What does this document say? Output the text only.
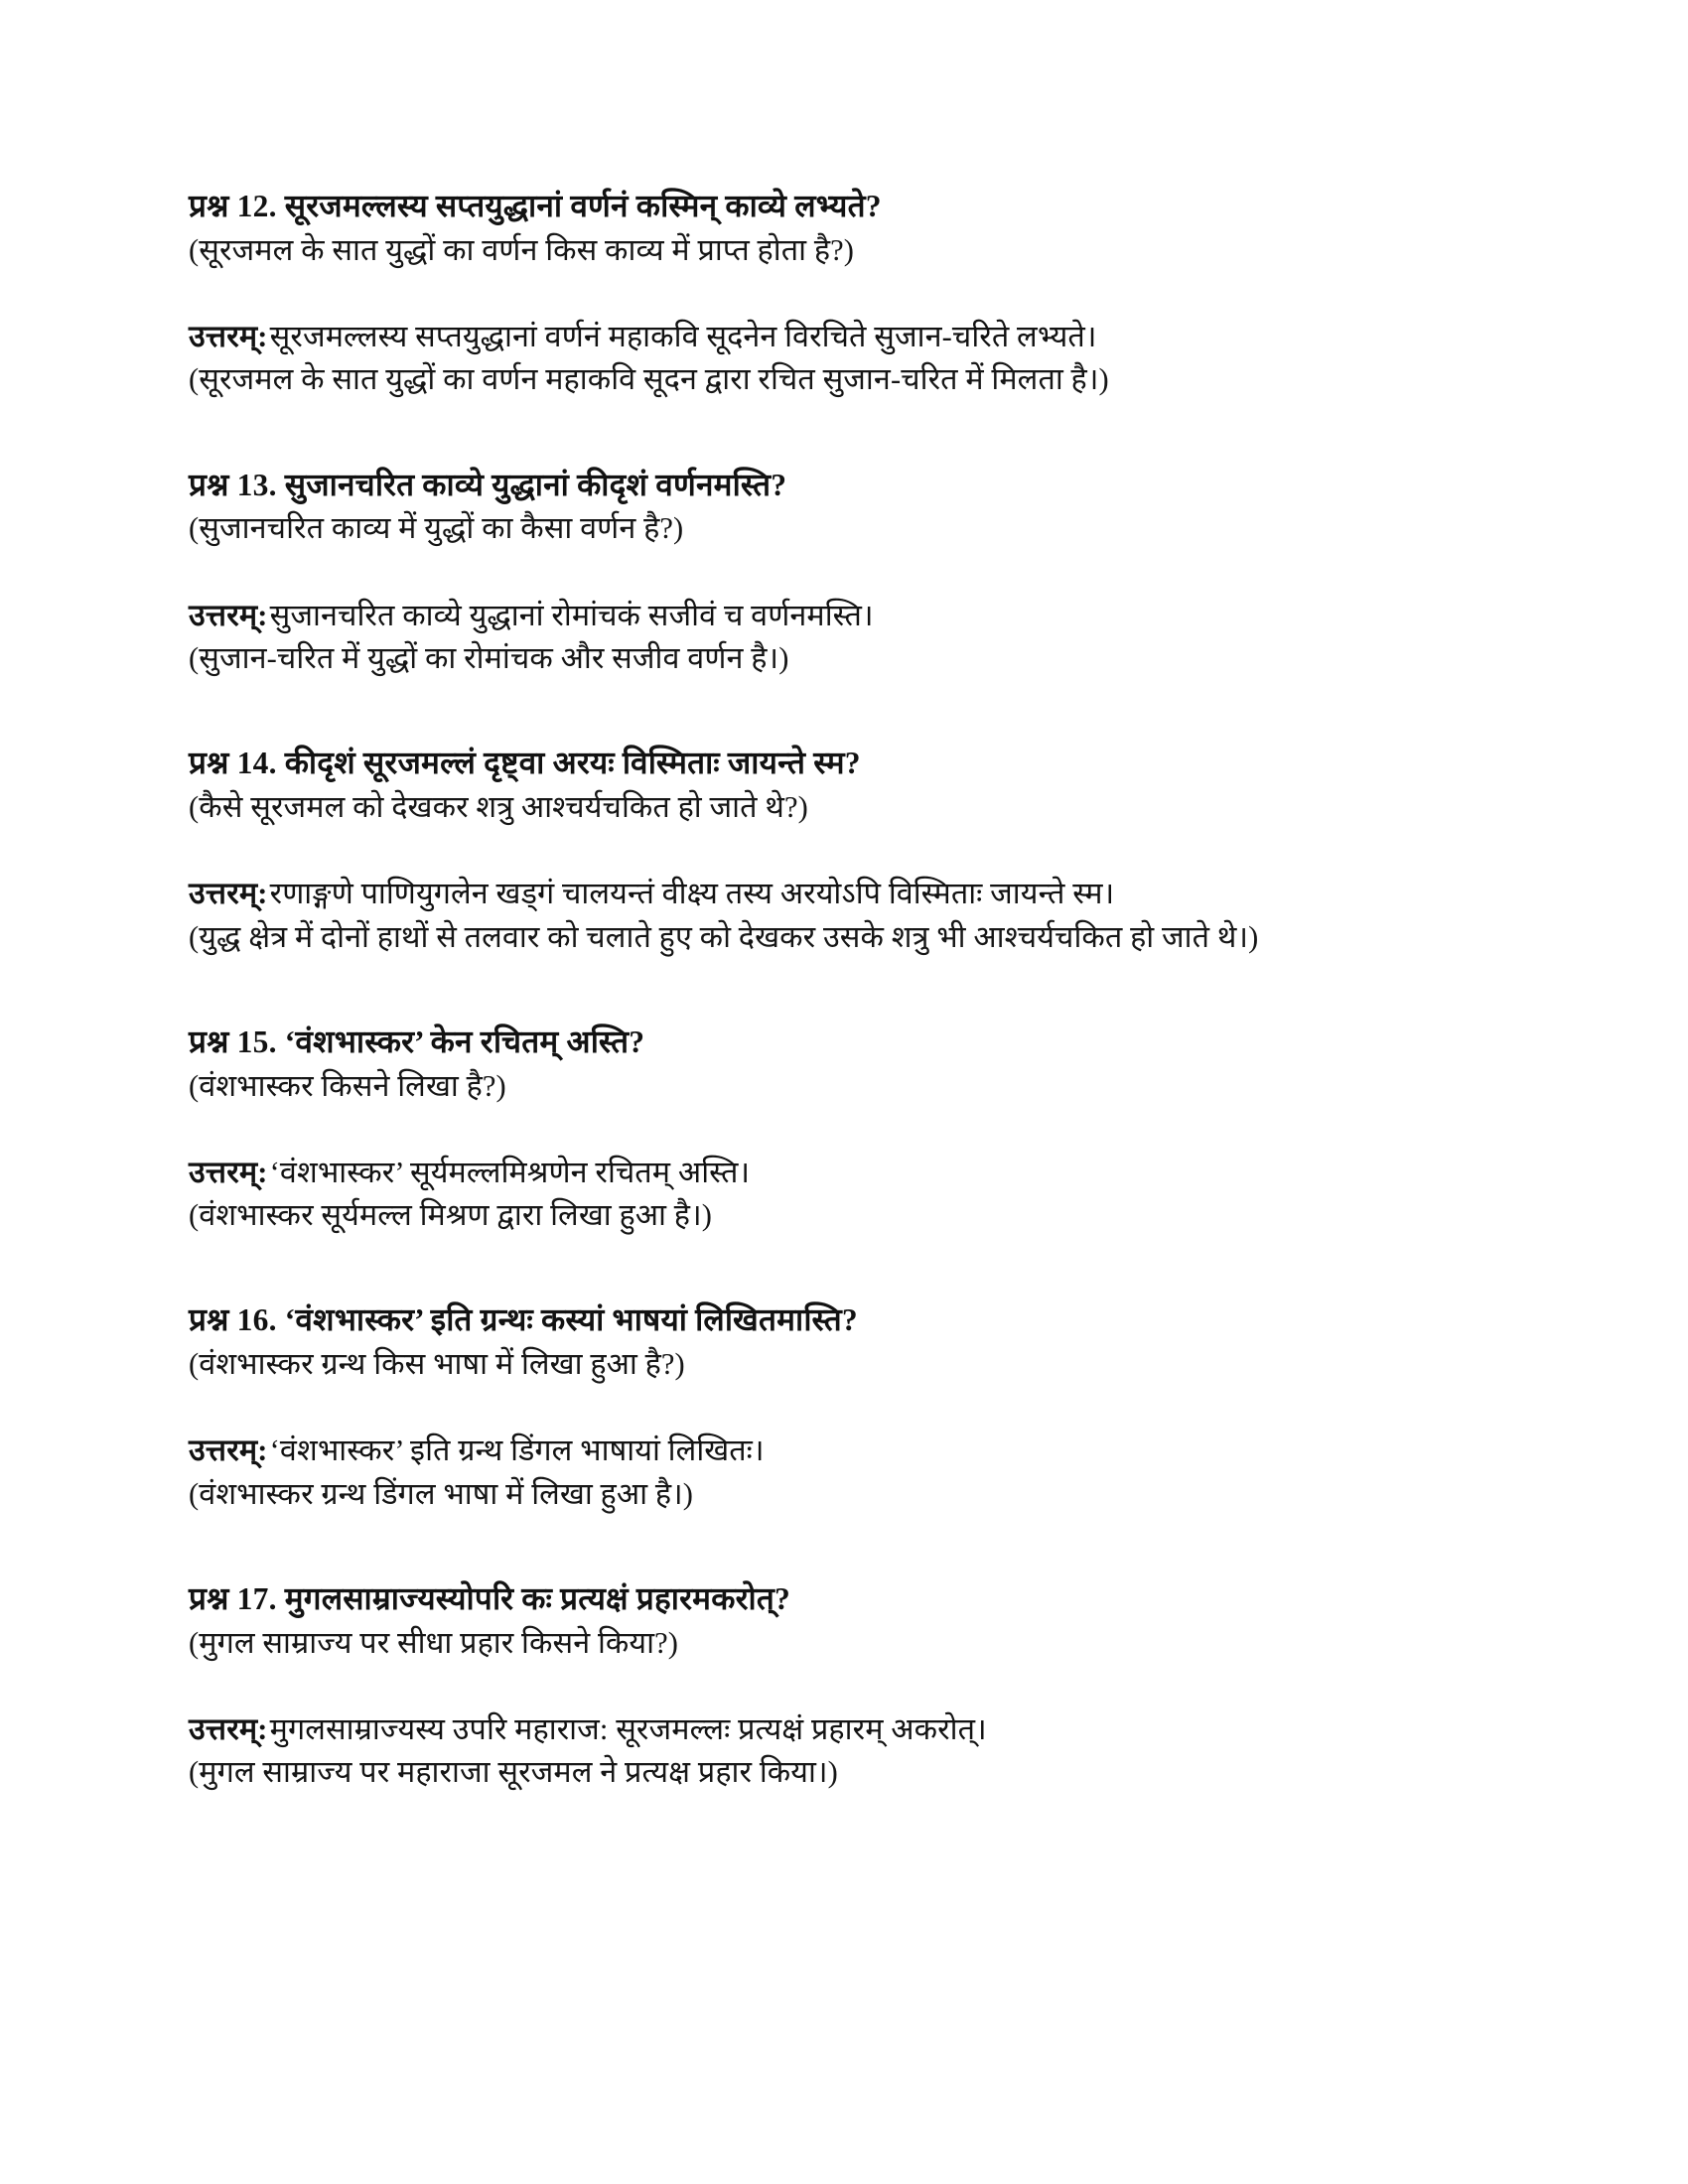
प्रश्न 12. सूरजमल्लस्य सप्तयुद्धानां वर्णनं कस्मिन् काव्ये लभ्यते?

(सूरजमल के सात युद्धों का वर्णन किस काव्य में प्राप्त होता है?)

उत्तरम्:सूरजमल्लस्य सप्तयुद्धानां वर्णनं महाकवि सूदनेन विरचिते सुजान-चरिते लभ्यते।

(सूरजमल के सात युद्धों का वर्णन महाकवि सूदन द्वारा रचित सुजान-चरित में मिलता है।)

प्रश्न 13. सुजानचरित काव्ये युद्धानां कीदृशं वर्णनमस्ति?

(सुजानचरित काव्य में युद्धों का कैसा वर्णन है?)

उत्तरम्:सुजानचरित काव्ये युद्धानां रोमांचकं सजीवं च वर्णनमस्ति।

(सुजान-चरित में युद्धों का रोमांचक और सजीव वर्णन है।)

प्रश्न 14. कीदृशं सूरजमल्लं दृष्ट्वा अरयः विस्मिताः जायन्ते स्म?

(कैसे सूरजमल को देखकर शत्रु आश्चर्यचकित हो जाते थे?)

उत्तरम्:रणाङ्गणे पाणियुगलेन खड्गं चालयन्तं वीक्ष्य तस्य अरयोऽपि विस्मिताः जायन्ते स्म।

(युद्ध क्षेत्र में दोनों हाथों से तलवार को चलाते हुए को देखकर उसके शत्रु भी आश्चर्यचकित हो जाते थे।)

प्रश्न 15. ‘वंशभास्कर’ केन रचितम् अस्ति?

(वंशभास्कर किसने लिखा है?)

उत्तरम्:‘वंशभास्कर’ सूर्यमल्लमिश्रणेन रचितम् अस्ति।

(वंशभास्कर सूर्यमल्ल मिश्रण द्वारा लिखा हुआ है।)

प्रश्न 16. ‘वंशभास्कर’ इति ग्रन्थः कस्यां भाषयां लिखितमास्ति?

(वंशभास्कर ग्रन्थ किस भाषा में लिखा हुआ है?)

उत्तरम्:‘वंशभास्कर’ इति ग्रन्थ डिंगल भाषायां लिखितः।

(वंशभास्कर ग्रन्थ डिंगल भाषा में लिखा हुआ है।)

प्रश्न 17. मुगलसाम्राज्यस्योपरि कः प्रत्यक्षं प्रहारमकरोत्?

(मुगल साम्राज्य पर सीधा प्रहार किसने किया?)

उत्तरम्:मुगलसाम्राज्यस्य उपरि महाराज: सूरजमल्लः प्रत्यक्षं प्रहारम् अकरोत्।

(मुगल साम्राज्य पर महाराजा सूरजमल ने प्रत्यक्ष प्रहार किया।)
